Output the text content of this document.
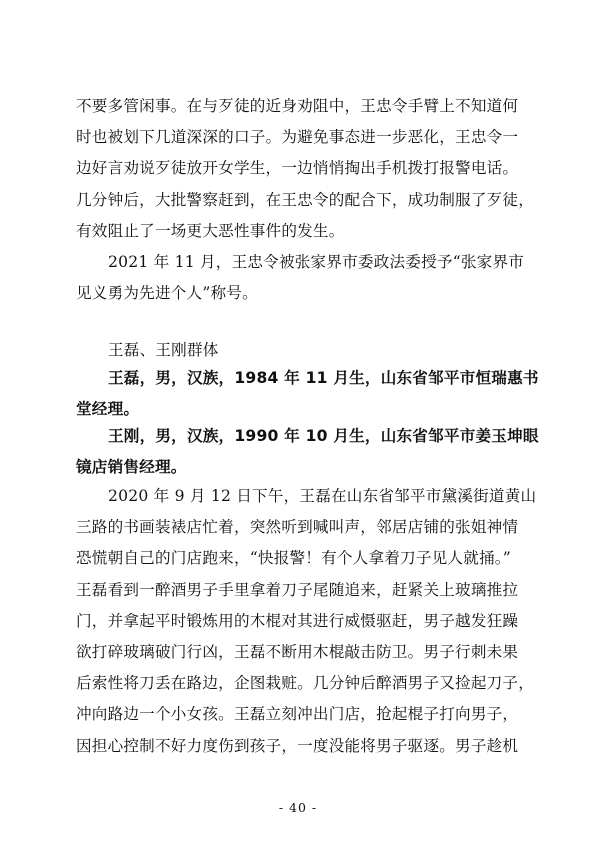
不要多管闲事。在与歹徒的近身劝阻中，王忠令手臂上不知道何
时也被划下几道深深的口子。为避免事态进一步恶化，王忠令一
边好言劝说歹徒放开女学生，一边悄悄掏出手机拨打报警电话。
几分钟后，大批警察赶到，在王忠令的配合下，成功制服了歹徒，
有效阻止了一场更大恶性事件的发生。
2021 年 11 月，王忠令被张家界市委政法委授予“张家界市
见义勇为先进个人”称号。
王磊、王刚群体
王磊，男，汉族，1984 年 11 月生，山东省邹平市恒瑞惠书
堂经理。
王刚，男，汉族，1990 年 10 月生，山东省邹平市姜玉坤眼
镜店销售经理。
2020 年 9 月 12 日下午，王磊在山东省邹平市黛溪街道黄山
三路的书画装裱店忙着，突然听到喊叫声，邻居店铺的张姐神情
恐慌朝自己的门店跑来，“快报警！有个人拿着刀子见人就捅。”
王磊看到一醉酒男子手里拿着刀子尾随追来，赶紧关上玻璃推拉
门，并拿起平时锻炼用的木棍对其进行威慑驱赶，男子越发狂躁
欲打碎玻璃破门行凶，王磊不断用木棍敲击防卫。男子行刺未果
后索性将刀丢在路边，企图栽赃。几分钟后醉酒男子又捡起刀子，
冲向路边一个小女孩。王磊立刻冲出门店，抢起棍子打向男子，
因担心控制不好力度伤到孩子，一度没能将男子驱逐。男子趁机
- 40 -
